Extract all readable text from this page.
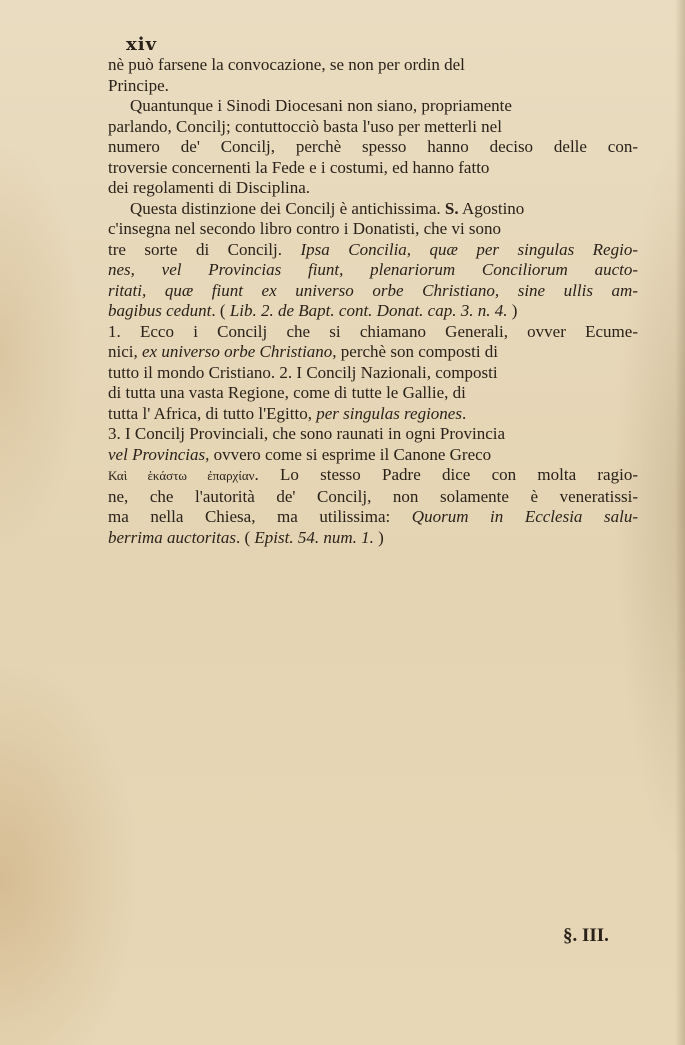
xiv

nè può farsene la convocazione, se non per ordin del

Principe.

Quantunque i Sinodi Diocesani non siano, propriamente

parlando, Concilj; contuttocciò basta l'uso per metterli nel

numero de' Concilj, perchè spesso hanno deciso delle con-

troversie concernenti la Fede e i costumi, ed hanno fatto

dei regolamenti di Disciplina.

Questa distinzione dei Concilj è antichissima. S. Agostino

c'insegna nel secondo libro contro i Donatisti, che vi sono

tre sorte di Concilj. Ipsa Concilia, quæ per singulas Regio-

nes, vel Provincias fiunt, plenariorum Conciliorum aucto-

ritati, quæ fiunt ex universo orbe Christiano, sine ullis am-

bagibus cedunt. ( Lib. 2. de Bapt. cont. Donat. cap. 3. n. 4. )

1. Ecco i Concilj che si chiamano Generali, ovver Ecume-

nici, ex universo orbe Christiano, perchè son composti di

tutto il mondo Cristiano. 2. I Concilj Nazionali, composti

di tutta una vasta Regione, come di tutte le Gallie, di

tutta l' Africa, di tutto l'Egitto, per singulas regiones.

3. I Concilj Provinciali, che sono raunati in ogni Provincia

vel Provincias, ovvero come si esprime il Canone Greco

Καὶ ἑκάστω ἐπαρχίαν. Lo stesso Padre dice con molta ragio-

ne, che l'autorità de' Concilj, non solamente è veneratissi-

ma nella Chiesa, ma utilissima: Quorum in Ecclesia salu-

berrima auctoritas. ( Epist. 54. num. 1. )

§. III.
